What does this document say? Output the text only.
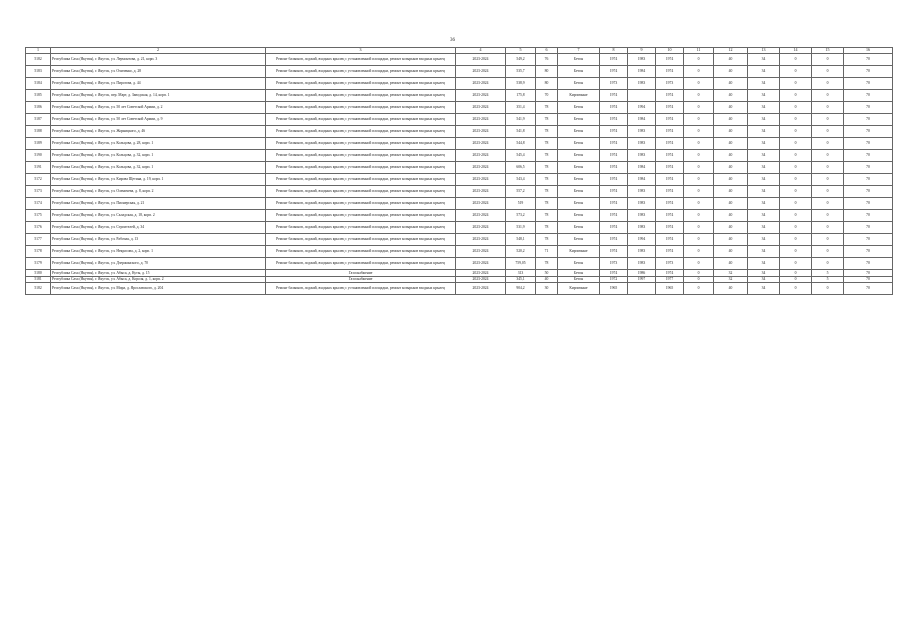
36
1	2	3	4	5	6	7	8	9	10	11	12	13	14	15	16
5182	Республика Саха (Якутия), г. Якутск, ул. Лермонтова, д. 21, корп. 3	Ремонт балконов, лоджий, входных крылец с установленной площадки, ремонт козырьков входных крылец	2023-2024	549,2	76	Бетон	1974	1983	1974	0	40	34	0	0	70
5183	Республика Саха (Якутия), г. Якутск, ул. Очиченко, д. 28	Ремонт балконов, лоджий, входных крылец с установленной площадки, ремонт козырьков входных крылец	2023-2024	535,7	80	Бетон	1974	1984	1974	0	40	34	0	0	70
5184	Республика Саха (Якутия), г. Якутск, ул. Пирогова, д. 44	Ремонт балконов, лоджий, входных крылец с установленной площадки, ремонт козырьков входных крылец	2023-2024	538,9	80	Бетон	1973	1983	1973	0	40	34	0	0	70
5185	Республика Саха (Якутия), г. Якутск, пер. Март, д. Заводская, д. 14, корп. 1	Ремонт балконов, лоджий, входных крылец с установленной площадки, ремонт козырьков входных крылец	2023-2024	175,8	70	Кирпичные	1974		1974	0	40	34	0	0	70
5186	Республика Саха (Якутия), г. Якутск, ул. 50 лет Советской Армии, д. 2	Ремонт балконов, лоджий, входных крылец с установленной площадки, ремонт козырьков входных крылец	2023-2024	351,4	78	Бетон	1974	1994	1974	0	40	34	0	0	70
5187	Республика Саха (Якутия), г. Якутск, ул. 50 лет Советской Армии, д. 9	Ремонт балконов, лоджий, входных крылец с установленной площадки, ремонт козырьков входных крылец	2023-2024	541,9	78	Бетон	1974	1984	1974	0	40	34	0	0	70
5188	Республика Саха (Якутия), г. Якутск, ул. Жорницкого, д. 46	Ремонт балконов, лоджий, входных крылец с установленной площадки, ремонт козырьков входных крылец	2023-2024	541,8	78	Бетон	1974	1983	1974	0	40	34	0	0	70
5189	Республика Саха (Якутия), г. Якутск, ул. Кольцова, д. 28, корп. 1	Ремонт балконов, лоджий, входных крылец с установленной площадки, ремонт козырьков входных крылец	2023-2024	544,8	78	Бетон	1974	1983	1974	0	40	34	0	0	70
5190	Республика Саха (Якутия), г. Якутск, ул. Кольцова, д. 32, корп. 1	Ремонт балконов, лоджий, входных крылец с установленной площадки, ремонт козырьков входных крылец	2023-2024	545,4	78	Бетон	1974	1983	1974	0	40	34	0	0	70
5191	Республика Саха (Якутия), г. Якутск, ул. Кольцова, д. 32, корп. 1	Ремонт балконов, лоджий, входных крылец с установленной площадки, ремонт козырьков входных крылец	2023-2024	606,5	78	Бетон	1974	1984	1974	0	40	34	0	0	70
5172	Республика Саха (Якутия), г. Якутск, ул. Кирова Щетина, д. 19, корп. 1	Ремонт балконов, лоджий, входных крылец с установленной площадки, ремонт козырьков входных крылец	2023-2024	543,4	78	Бетон	1974	1984	1974	0	40	34	0	0	70
5173	Республика Саха (Якутия), г. Якутск, ул. Оленичева, д. 8, корп. 2	Ремонт балконов, лоджий, входных крылец с установленной площадки, ремонт козырьков входных крылец	2023-2024	557,2	78	Бетон	1974	1983	1974	0	40	34	0	0	70
5174	Республика Саха (Якутия), г. Якутск, ул. Пионерская, д. 21	Ремонт балконов, лоджий, входных крылец с установленной площадки, ремонт козырьков входных крылец	2023-2024	519	78	Бетон	1974	1983	1974	0	40	34	0	0	70
5175	Республика Саха (Якутия), г. Якутск, ул. Складская, д. 18, корп. 2	Ремонт балконов, лоджий, входных крылец с установленной площадки, ремонт козырьков входных крылец	2023-2024	573,2	78	Бетон	1974	1983	1974	0	40	34	0	0	70
5176	Республика Саха (Якутия), г. Якутск, ул. Строителей, д. 34	Ремонт балконов, лоджий, входных крылец с установленной площадки, ремонт козырьков входных крылец	2023-2024	531,9	78	Бетон	1974	1983	1974	0	40	34	0	0	70
5177	Республика Саха (Якутия), г. Якутск, ул. Рабочая, д. 13	Ремонт балконов, лоджий, входных крылец с установленной площадки, ремонт козырьков входных крылец	2023-2024	548,1	78	Бетон	1974	1994	1974	0	40	34	0	0	70
5178	Республика Саха (Якутия), г. Якутск, ул. Некрасова, д. 2, корп. 1	Ремонт балконов, лоджий, входных крылец с установленной площадки, ремонт козырьков входных крылец	2023-2024	520,2	71	Кирпичные	1974	1983	1974	0	40	34	0	0	70
5179	Республика Саха (Якутия), г. Якутск, ул. Дзержинского, д. 70	Ремонт балконов, лоджий, входных крылец с установленной площадки, ремонт козырьков входных крылец	2023-2024	759,05	78	Бетон	1973	1983	1973	0	40	34	0	0	70
5180	Республика Саха (Якутия), г. Якутск, ул. Абыса, д. Куты, д. 15	Газоснабжение	2023-2024	313	50	Бетон	1974	1986	1974	0	32	34	0	5	70
5181	Республика Саха (Якутия), г. Якутск, ул. Абыса, д. Короля, д. 1, корп. 2	Газоснабжение	2023-2024	345,1	40	Бетон	1972	1997	1977	0	32	34	0	5	70
5182	Республика Саха (Якутия), г. Якутск, ул. Мира, д. Ярославского, д. 204	Ремонт балконов, лоджий, входных крылец с установленной площадки, ремонт козырьков входных крылец	2023-2024	904,2	30	Кирпичные	1965		1965	0	40	34	0	0	70
